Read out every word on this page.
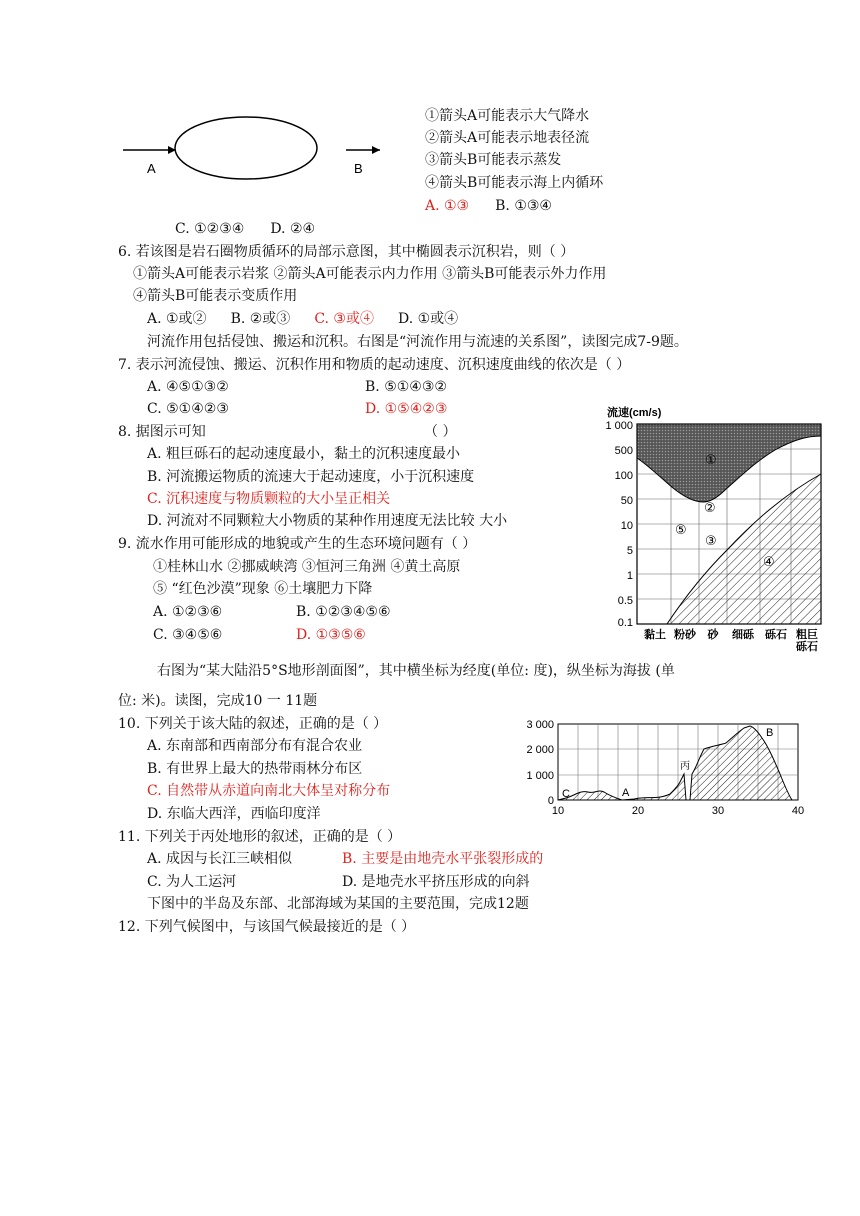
A	B
①箭头A可能表示大气降水
②箭头A可能表示地表径流
③箭头B可能表示蒸发
④箭头B可能表示海上内循环
A. ①③ B. ①③④
C. ①②③④ D. ②④
6. 若该图是岩石圈物质循环的局部示意图，其中椭圆表示沉积岩，则（ ）
①箭头A可能表示岩浆 ②箭头A可能表示内力作用 ③箭头B可能表示外力作用
④箭头B可能表示变质作用
A. ①或② B. ②或③ C. ③或④ D. ①或④
河流作用包括侵蚀、搬运和沉积。右图是“河流作用与流速的关系图”，读图完成7-9题。
7. 表示河流侵蚀、搬运、沉积作用和物质的起动速度、沉积速度曲线的依次是（ ）
A. ④⑤①③②	B. ⑤①④③②
C. ⑤①④②③	D. ①⑤④②③
8. 据图示可知	（ ）
A. 粗巨砾石的起动速度最小，黏土的沉积速度最小
B. 河流搬运物质的流速大于起动速度，小于沉积速度
C. 沉积速度与物质颗粒的大小呈正相关
D. 河流对不同颗粒大小物质的某种作用速度无法比较 大小
9. 流水作用可能形成的地貌或产生的生态环境问题有（ ）
①桂林山水 ②挪威峡湾 ③恒河三角洲 ④黄土高原
⑤ “红色沙漠”现象 ⑥土壤肥力下降
A. ①②③⑥	B. ①②③④⑤⑥
C. ③④⑤⑥	D. ①③⑤⑥
流速(cm/s)
①
②
③
④
⑤
1 000
500
100
50
10
5
1
0.5
0.1
黏土 粉砂 砂 细砾 砾石 粗巨
砾石
右图为“某大陆沿5°S地形剖面图”，其中横坐标为经度(单位: 度)，纵坐标为海拔 (单
位: 米)。读图，完成10 一 11题
10. 下列关于该大陆的叙述，正确的是（ ）
A. 东南部和西南部分布有混合农业
B. 有世界上最大的热带雨林分布区
C. 自然带从赤道向南北大体呈对称分布
D. 东临大西洋，西临印度洋
11. 下列关于丙处地形的叙述，正确的是（ ）
A. 成因与长江三峡相似	B. 主要是由地壳水平张裂形成的
C. 为人工运河	D. 是地壳水平挤压形成的向斜
下图中的半岛及东部、北部海域为某国的主要范围，完成12题
12. 下列气候图中，与该国气候最接近的是（ ）
C	A
丙
B
3 000
2 000
1 000
0
10	20	30	40
